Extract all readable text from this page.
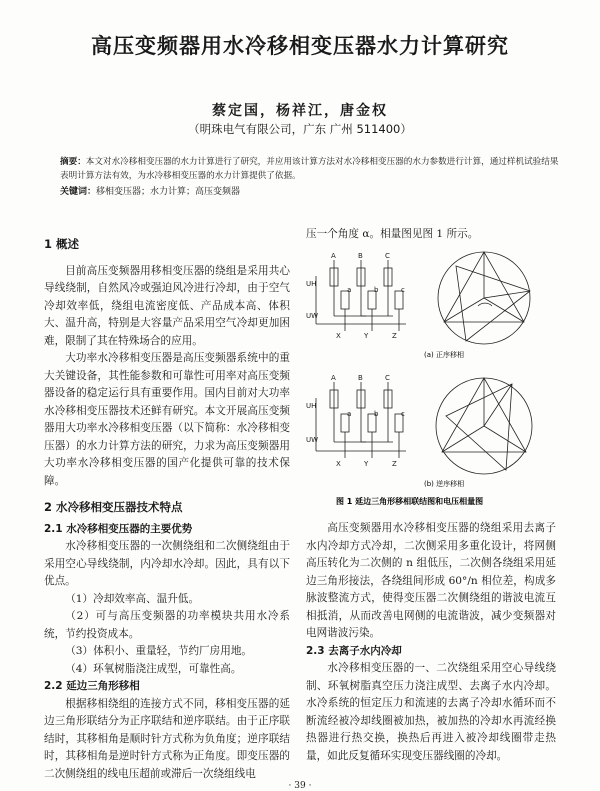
高压变频器用水冷移相变压器水力计算研究
蔡定国，杨祥江，唐金权
（明珠电气有限公司，广东 广州 511400）
摘要：本文对水冷移相变压器的水力计算进行了研究，并应用该计算方法对水冷移相变压器的水力参数进行计算，通过样机试验结果表明计算方法有效，为水冷移相变压器的水力计算提供了依据。
关键词：移相变压器；水力计算；高压变频器
1 概述

目前高压变频器用移相变压器的绕组是采用共心导线绕制，自然风冷或强迫风冷进行冷却，由于空气冷却效率低，绕组电流密度低、产品成本高、体积大、温升高，特别是大容量产品采用空气冷却更加困难，限制了其在特殊场合的应用。

大功率水冷移相变压器是高压变频器系统中的重大关键设备，其性能参数和可靠性可用率对高压变频器设备的稳定运行具有重要作用。国内目前对大功率水冷移相变压器技术还鲜有研究。本文开展高压变频器用大功率水冷移相变压器（以下简称：水冷移相变压器）的水力计算方法的研究，力求为高压变频器用大功率水冷移相变压器的国产化提供可靠的技术保障。

2 水冷移相变压器技术特点
2.1 水冷移相变压器的主要优势

水冷移相变压器的一次侧绕组和二次侧绕组由于采用空心导线绕制，内冷却水冷却。因此，具有以下优点。

（1）冷却效率高、温升低。

（2）可与高压变频器的功率模块共用水冷系统，节约投资成本。

（3）体积小、重量轻，节约厂房用地。

（4）环氧树脂浇注成型，可靠性高。

2.2 延边三角形移相

根据移相绕组的连接方式不同，移相变压器的延边三角形联结分为正序联结和逆序联结。由于正序联结时，其移相角是顺时针方式称为负角度；逆序联结时，其移相角是逆时针方式称为正角度。即变压器的二次侧绕组的线电压超前或滞后一次绕组线电

压一个角度 α。相量图见图 1 所示。

A	B	C
a	b	c
X	Y	Z
UH
UW
A	B	C
a	b	c
X	Y	Z
UH
UW
(a) 正序移相
(b) 逆序移相
图 1 延边三角形移相联结图和电压相量图

高压变频器用水冷移相变压器的绕组采用去离子水内冷却方式冷却，二次侧采用多重化设计，将网侧高压转化为二次侧的 n 组低压，二次侧各绕组采用延边三角形接法，各绕组间形成 60°/n 相位差，构成多脉波整流方式，使得变压器二次侧绕组的谐波电流互相抵消，从而改善电网侧的电流谐波，减少变频器对电网谐波污染。

2.3 去离子水内冷却

水冷移相变压器的一、二次绕组采用空心导线绕制、环氧树脂真空压力浇注成型、去离子水内冷却。水冷系统的恒定压力和流速的去离子冷却水循环而不断流经被冷却线圈被加热，被加热的冷却水再流经换热器进行热交换，换热后再进入被冷却线圈带走热量，如此反复循环实现变压器线圈的冷却。

· 39 ·
